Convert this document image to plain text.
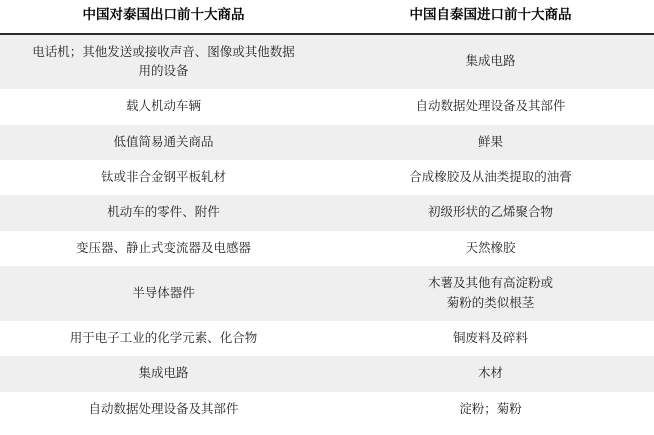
中国对泰国出口前十大商品	中国自泰国进口前十大商品

电话机；其他发送或接收声音、图像或其他数据
用的设备	集成电路

载人机动车辆	自动数据处理设备及其部件

低值简易通关商品	鲜果

钛或非合金钢平板轧材	合成橡胶及从油类提取的油膏

机动车的零件、附件	初级形状的乙烯聚合物

变压器、静止式变流器及电感器	天然橡胶

半导体器件	木薯及其他有高淀粉或
菊粉的类似根茎

用于电子工业的化学元素、化合物	铜废料及碎料

集成电路	木材

自动数据处理设备及其部件	淀粉；菊粉
